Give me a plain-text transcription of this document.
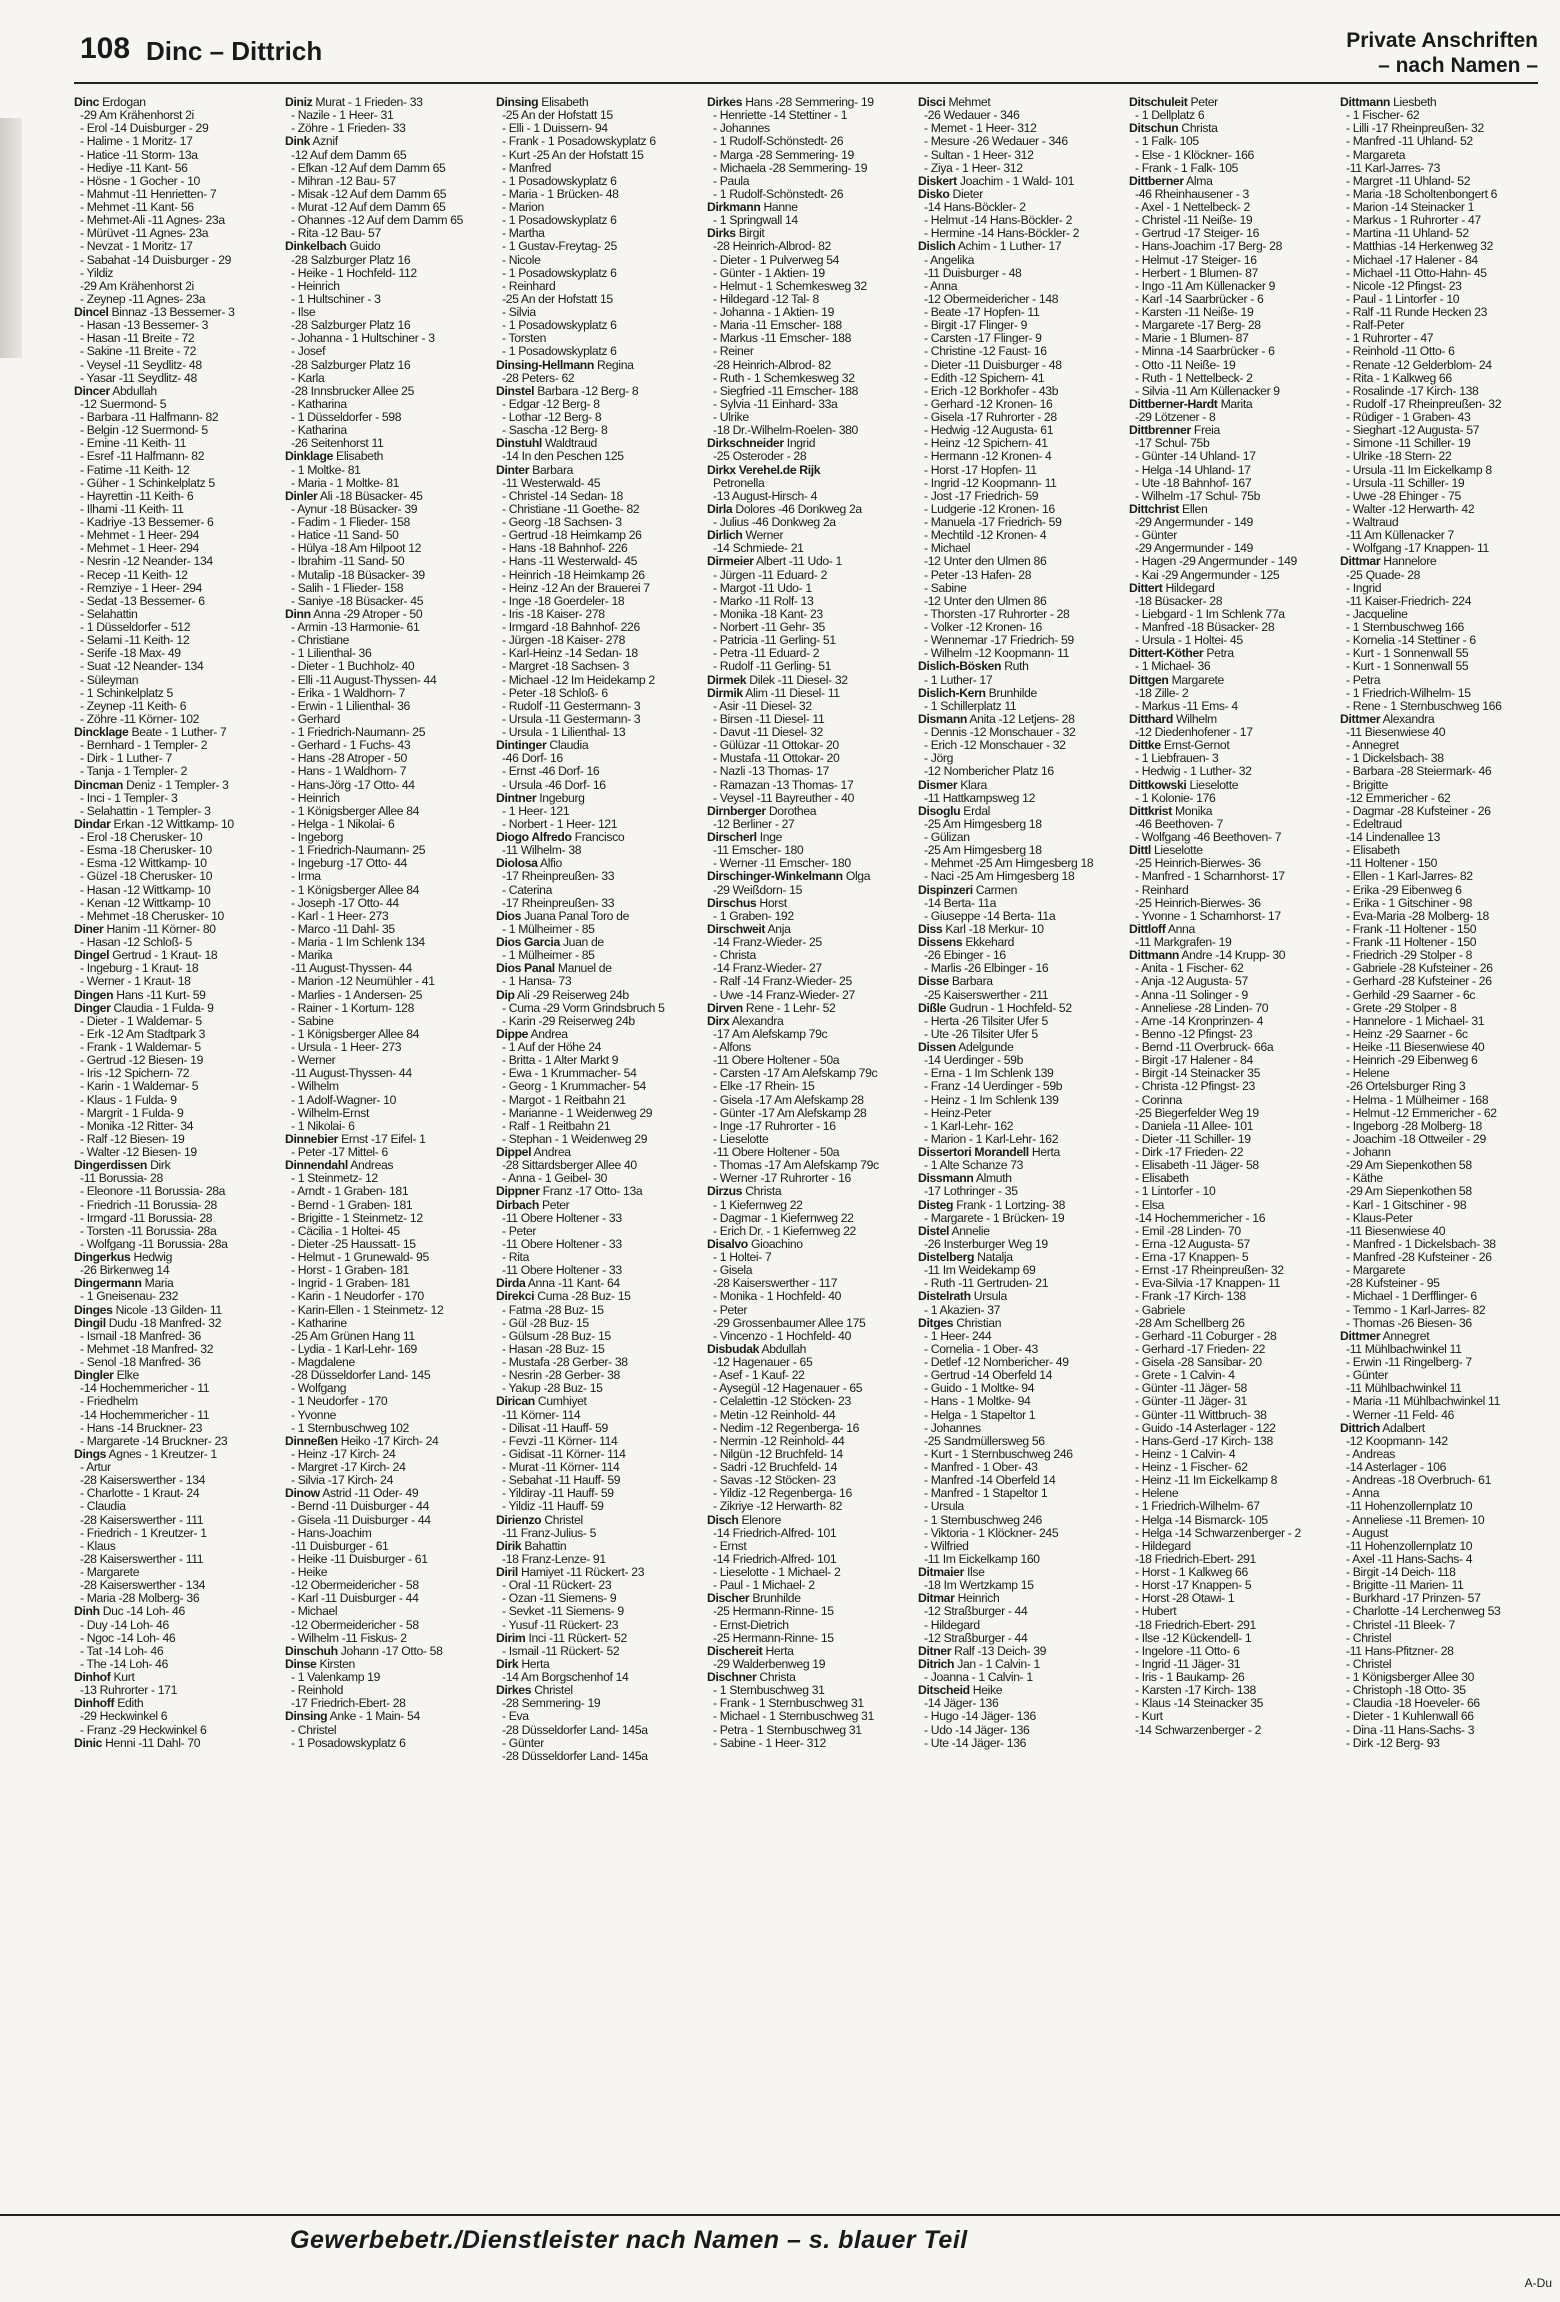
108 Dinc – Dittrich	Private Anschriften
– nach Namen –
Dinc Erdogan
-29 Am Krähenhorst 2i
- Erol -14 Duisburger - 29
- Halime - 1 Moritz- 17
- Hatice -11 Storm- 13a
- Hediye -11 Kant- 56
- Hösne - 1 Gocher - 10
- Mahmut -11 Henrietten- 7
- Mehmet -11 Kant- 56
- Mehmet-Ali -11 Agnes- 23a
- Mürüvet -11 Agnes- 23a
- Nevzat - 1 Moritz- 17
- Sabahat -14 Duisburger - 29
- Yildiz
-29 Am Krähenhorst 2i
- Zeynep -11 Agnes- 23a
Dincel Binnaz -13 Bessemer- 3
- Hasan -13 Bessemer- 3
- Hasan -11 Breite - 72
- Sakine -11 Breite - 72
- Veysel -11 Seydlitz- 48
- Yasar -11 Seydlitz- 48
Dincer Abdullah
-12 Suermond- 5
- Barbara -11 Halfmann- 82
- Belgin -12 Suermond- 5
- Emine -11 Keith- 11
- Esref -11 Halfmann- 82
- Fatime -11 Keith- 12
- Güher - 1 Schinkelplatz 5
- Hayrettin -11 Keith- 6
- Ilhami -11 Keith- 11
- Kadriye -13 Bessemer- 6
- Mehmet - 1 Heer- 294
- Mehmet - 1 Heer- 294
- Nesrin -12 Neander- 134
- Recep -11 Keith- 12
- Remziye - 1 Heer- 294
- Sedat -13 Bessemer- 6
- Selahattin
- 1 Düsseldorfer - 512
- Selami -11 Keith- 12
- Serife -18 Max- 49
- Suat -12 Neander- 134
- Süleyman
- 1 Schinkelplatz 5
- Zeynep -11 Keith- 6
- Zöhre -11 Körner- 102
Dincklage Beate - 1 Luther- 7
- Bernhard - 1 Templer- 2
- Dirk - 1 Luther- 7
- Tanja - 1 Templer- 2
Dincman Deniz - 1 Templer- 3
- Inci - 1 Templer- 3
- Selahattin - 1 Templer- 3
Dindar Erkan -12 Wittkamp- 10
- Erol -18 Cherusker- 10
- Esma -18 Cherusker- 10
- Esma -12 Wittkamp- 10
- Güzel -18 Cherusker- 10
- Hasan -12 Wittkamp- 10
- Kenan -12 Wittkamp- 10
- Mehmet -18 Cherusker- 10
Diner Hanim -11 Körner- 80
- Hasan -12 Schloß- 5
Dingel Gertrud - 1 Kraut- 18
- Ingeburg - 1 Kraut- 18
- Werner - 1 Kraut- 18
Dingen Hans -11 Kurt- 59
Dinger Claudia - 1 Fulda- 9
- Dieter - 1 Waldemar- 5
- Erk -12 Am Stadtpark 3
- Frank - 1 Waldemar- 5
- Gertrud -12 Biesen- 19
- Iris -12 Spichern- 72
- Karin - 1 Waldemar- 5
- Klaus - 1 Fulda- 9
- Margrit - 1 Fulda- 9
- Monika -12 Ritter- 34
- Ralf -12 Biesen- 19
- Walter -12 Biesen- 19
Dingerdissen Dirk
-11 Borussia- 28
- Eleonore -11 Borussia- 28a
- Friedrich -11 Borussia- 28
- Irmgard -11 Borussia- 28
- Torsten -11 Borussia- 28a
- Wolfgang -11 Borussia- 28a
Dingerkus Hedwig
-26 Birkenweg 14
Dingermann Maria
- 1 Gneisenau- 232
Dinges Nicole -13 Gilden- 11
Dingil Dudu -18 Manfred- 32
- Ismail -18 Manfred- 36
- Mehmet -18 Manfred- 32
- Senol -18 Manfred- 36
Dingler Elke
-14 Hochemmericher - 11
- Friedhelm
-14 Hochemmericher - 11
- Hans -14 Bruckner- 23
- Margarete -14 Bruckner- 23
Dings Agnes - 1 Kreutzer- 1
- Artur
-28 Kaiserswerther - 134
- Charlotte - 1 Kraut- 24
- Claudia
-28 Kaiserswerther - 111
- Friedrich - 1 Kreutzer- 1
- Klaus
-28 Kaiserswerther - 111
- Margarete
-28 Kaiserswerther - 134
- Maria -28 Molberg- 36
Dinh Duc -14 Loh- 46
- Duy -14 Loh- 46
- Ngoc -14 Loh- 46
- Tat -14 Loh- 46
- The -14 Loh- 46
Dinhof Kurt
-13 Ruhrorter - 171
Dinhoff Edith
-29 Heckwinkel 6
- Franz -29 Heckwinkel 6
Dinic Henni -11 Dahl- 70
Diniz Murat - 1 Frieden- 33
- Nazile - 1 Heer- 31
- Zöhre - 1 Frieden- 33
Dink Aznif
-12 Auf dem Damm 65
- Efkan -12 Auf dem Damm 65
- Mihran -12 Bau- 57
- Misak -12 Auf dem Damm 65
- Murat -12 Auf dem Damm 65
- Ohannes -12 Auf dem Damm 65
- Rita -12 Bau- 57
Dinkelbach Guido
-28 Salzburger Platz 16
- Heike - 1 Hochfeld- 112
- Heinrich
- 1 Hultschiner - 3
- Ilse
-28 Salzburger Platz 16
- Johanna - 1 Hultschiner - 3
- Josef
-28 Salzburger Platz 16
- Karla
-28 Innsbrucker Allee 25
- Katharina
- 1 Düsseldorfer - 598
- Katharina
-26 Seitenhorst 11
Dinklage Elisabeth
- 1 Moltke- 81
- Maria - 1 Moltke- 81
Dinler Ali -18 Büsacker- 45
- Aynur -18 Büsacker- 39
- Fadim - 1 Flieder- 158
- Hatice -11 Sand- 50
- Hülya -18 Am Hilpoot 12
- Ibrahim -11 Sand- 50
- Mutalip -18 Büsacker- 39
- Salih - 1 Flieder- 158
- Saniye -18 Büsacker- 45
Dinn Anna -29 Atroper - 50
- Armin -13 Harmonie- 61
- Christiane
- 1 Lilienthal- 36
- Dieter - 1 Buchholz- 40
- Elli -11 August-Thyssen- 44
- Erika - 1 Waldhorn- 7
- Erwin - 1 Lilienthal- 36
- Gerhard
- 1 Friedrich-Naumann- 25
- Gerhard - 1 Fuchs- 43
- Hans -28 Atroper - 50
- Hans - 1 Waldhorn- 7
- Hans-Jörg -17 Otto- 44
- Heinrich
- 1 Königsberger Allee 84
- Helga - 1 Nikolai- 6
- Ingeborg
- 1 Friedrich-Naumann- 25
- Ingeburg -17 Otto- 44
- Irma
- 1 Königsberger Allee 84
- Joseph -17 Otto- 44
- Karl - 1 Heer- 273
- Marco -11 Dahl- 35
- Maria - 1 Im Schlenk 134
- Marika
-11 August-Thyssen- 44
- Marion -12 Neumühler - 41
- Marlies - 1 Andersen- 25
- Rainer - 1 Kortum- 128
- Sabine
- 1 Königsberger Allee 84
- Ursula - 1 Heer- 273
- Werner
-11 August-Thyssen- 44
- Wilhelm
- 1 Adolf-Wagner- 10
- Wilhelm-Ernst
- 1 Nikolai- 6
Dinnebier Ernst -17 Eifel- 1
- Peter -17 Mittel- 6
Dinnendahl Andreas
- 1 Steinmetz- 12
- Arndt - 1 Graben- 181
- Bernd - 1 Graben- 181
- Brigitte - 1 Steinmetz- 12
- Cäcilia - 1 Holtei- 45
- Dieter -25 Haussatt- 15
- Helmut - 1 Grunewald- 95
- Horst - 1 Graben- 181
- Ingrid - 1 Graben- 181
- Karin - 1 Neudorfer - 170
- Karin-Ellen - 1 Steinmetz- 12
- Katharine
-25 Am Grünen Hang 11
- Lydia - 1 Karl-Lehr- 169
- Magdalene
-28 Düsseldorfer Land- 145
- Wolfgang
- 1 Neudorfer - 170
- Yvonne
- 1 Sternbuschweg 102
Dinneßen Heiko -17 Kirch- 24
- Heinz -17 Kirch- 24
- Margret -17 Kirch- 24
- Silvia -17 Kirch- 24
Dinow Astrid -11 Oder- 49
- Bernd -11 Duisburger - 44
- Gisela -11 Duisburger - 44
- Hans-Joachim
-11 Duisburger - 61
- Heike -11 Duisburger - 61
- Heike
-12 Obermeidericher - 58
- Karl -11 Duisburger - 44
- Michael
-12 Obermeidericher - 58
- Wilhelm -11 Fiskus- 2
Dinschuh Johann -17 Otto- 58
Dinse Kirsten
- 1 Valenkamp 19
- Reinhold
-17 Friedrich-Ebert- 28
Dinsing Anke - 1 Main- 54
- Christel
- 1 Posadowskyplatz 6
Dinsing Elisabeth
-25 An der Hofstatt 15
- Elli - 1 Duissern- 94
- Frank - 1 Posadowskyplatz 6
- Kurt -25 An der Hofstatt 15
- Manfred
- 1 Posadowskyplatz 6
- Maria - 1 Brücken- 48
- Marion
- 1 Posadowskyplatz 6
- Martha
- 1 Gustav-Freytag- 25
- Nicole
- 1 Posadowskyplatz 6
- Reinhard
-25 An der Hofstatt 15
- Silvia
- 1 Posadowskyplatz 6
- Torsten
- 1 Posadowskyplatz 6
Dinsing-Hellmann Regina
-28 Peters- 62
Dinstel Barbara -12 Berg- 8
- Edgar -12 Berg- 8
- Lothar -12 Berg- 8
- Sascha -12 Berg- 8
Dinstuhl Waldtraud
-14 In den Peschen 125
Dinter Barbara
-11 Westerwald- 45
- Christel -14 Sedan- 18
- Christiane -11 Goethe- 82
- Georg -18 Sachsen- 3
- Gertrud -18 Heimkamp 26
- Hans -18 Bahnhof- 226
- Hans -11 Westerwald- 45
- Heinrich -18 Heimkamp 26
- Heinz -12 An der Brauerei 7
- Inge -18 Goerdeler- 18
- Iris -18 Kaiser- 278
- Irmgard -18 Bahnhof- 226
- Jürgen -18 Kaiser- 278
- Karl-Heinz -14 Sedan- 18
- Margret -18 Sachsen- 3
- Michael -12 Im Heidekamp 2
- Peter -18 Schloß- 6
- Rudolf -11 Gestermann- 3
- Ursula -11 Gestermann- 3
- Ursula - 1 Lilienthal- 13
Dintinger Claudia
-46 Dorf- 16
- Ernst -46 Dorf- 16
- Ursula -46 Dorf- 16
Dintner Ingeburg
- 1 Heer- 121
- Norbert - 1 Heer- 121
Diogo Alfredo Francisco
-11 Wilhelm- 38
Diolosa Alfio
-17 Rheinpreußen- 33
- Caterina
-17 Rheinpreußen- 33
Dios Juana Panal Toro de
- 1 Mülheimer - 85
Dios Garcia Juan de
- 1 Mülheimer - 85
Dios Panal Manuel de
- 1 Hansa- 73
Dip Ali -29 Reiserweg 24b
- Cuma -29 Vorm Grindsbruch 5
- Karin -29 Reiserweg 24b
Dippe Andrea
- 1 Auf der Höhe 24
- Britta - 1 Alter Markt 9
- Ewa - 1 Krummacher- 54
- Georg - 1 Krummacher- 54
- Margot - 1 Reitbahn 21
- Marianne - 1 Weidenweg 29
- Ralf - 1 Reitbahn 21
- Stephan - 1 Weidenweg 29
Dippel Andrea
-28 Sittardsberger Allee 40
- Anna - 1 Geibel- 30
Dippner Franz -17 Otto- 13a
Dirbach Peter
-11 Obere Holtener - 33
- Peter
-11 Obere Holtener - 33
- Rita
-11 Obere Holtener - 33
Dirda Anna -11 Kant- 64
Direkci Cuma -28 Buz- 15
- Fatma -28 Buz- 15
- Gül -28 Buz- 15
- Gülsum -28 Buz- 15
- Hasan -28 Buz- 15
- Mustafa -28 Gerber- 38
- Nesrin -28 Gerber- 38
- Yakup -28 Buz- 15
Dirican Cumhiyet
-11 Körner- 114
- Dilisat -11 Hauff- 59
- Fevzi -11 Körner- 114
- Gidisat -11 Körner- 114
- Murat -11 Körner- 114
- Sebahat -11 Hauff- 59
- Yildiray -11 Hauff- 59
- Yildiz -11 Hauff- 59
Dirienzo Christel
-11 Franz-Julius- 5
Dirik Bahattin
-18 Franz-Lenze- 91
Diril Hamiyet -11 Rückert- 23
- Oral -11 Rückert- 23
- Ozan -11 Siemens- 9
- Sevket -11 Siemens- 9
- Yusuf -11 Rückert- 23
Dirim Inci -11 Rückert- 52
- Ismail -11 Rückert- 52
Dirk Herta
-14 Am Borgschenhof 14
Dirkes Christel
-28 Semmering- 19
- Eva
-28 Düsseldorfer Land- 145a
- Günter
-28 Düsseldorfer Land- 145a
Dirkes Hans -28 Semmering- 19
- Henriette -14 Stettiner - 1
- Johannes
- 1 Rudolf-Schönstedt- 26
- Marga -28 Semmering- 19
- Michaela -28 Semmering- 19
- Paula
- 1 Rudolf-Schönstedt- 26
Dirkmann Hanne
- 1 Springwall 14
Dirks Birgit
-28 Heinrich-Albrod- 82
- Dieter - 1 Pulverweg 54
- Günter - 1 Aktien- 19
- Helmut - 1 Schemkesweg 32
- Hildegard -12 Tal- 8
- Johanna - 1 Aktien- 19
- Maria -11 Emscher- 188
- Markus -11 Emscher- 188
- Reiner
-28 Heinrich-Albrod- 82
- Ruth - 1 Schemkesweg 32
- Siegfried -11 Emscher- 188
- Sylvia -11 Einhard- 33a
- Ulrike
-18 Dr.-Wilhelm-Roelen- 380
Dirkschneider Ingrid
-25 Osteroder - 28
Dirkx Verehel.de Rijk
Petronella
-13 August-Hirsch- 4
Dirla Dolores -46 Donkweg 2a
- Julius -46 Donkweg 2a
Dirlich Werner
-14 Schmiede- 21
Dirmeier Albert -11 Udo- 1
- Jürgen -11 Eduard- 2
- Margot -11 Udo- 1
- Marko -11 Rolf- 13
- Monika -18 Kant- 23
- Norbert -11 Gehr- 35
- Patricia -11 Gerling- 51
- Petra -11 Eduard- 2
- Rudolf -11 Gerling- 51
Dirmek Dilek -11 Diesel- 32
Dirmik Alim -11 Diesel- 11
- Asir -11 Diesel- 32
- Birsen -11 Diesel- 11
- Davut -11 Diesel- 32
- Gülüzar -11 Ottokar- 20
- Mustafa -11 Ottokar- 20
- Nazli -13 Thomas- 17
- Ramazan -13 Thomas- 17
- Veysel -11 Bayreuther - 40
Dirnberger Dorothea
-12 Berliner - 27
Dirscherl Inge
-11 Emscher- 180
- Werner -11 Emscher- 180
Dirschinger-Winkelmann Olga
-29 Weißdorn- 15
Dirschus Horst
- 1 Graben- 192
Dirschweit Anja
-14 Franz-Wieder- 25
- Christa
-14 Franz-Wieder- 27
- Ralf -14 Franz-Wieder- 25
- Uwe -14 Franz-Wieder- 27
Dirven Rene - 1 Lehr- 52
Dirx Alexandra
-17 Am Alefskamp 79c
- Alfons
-11 Obere Holtener - 50a
- Carsten -17 Am Alefskamp 79c
- Elke -17 Rhein- 15
- Gisela -17 Am Alefskamp 28
- Günter -17 Am Alefskamp 28
- Inge -17 Ruhrorter - 16
- Lieselotte
-11 Obere Holtener - 50a
- Thomas -17 Am Alefskamp 79c
- Werner -17 Ruhrorter - 16
Dirzus Christa
- 1 Kiefernweg 22
- Dagmar - 1 Kiefernweg 22
- Erich Dr. - 1 Kiefernweg 22
Disalvo Gioachino
- 1 Holtei- 7
- Gisela
-28 Kaiserswerther - 117
- Monika - 1 Hochfeld- 40
- Peter
-29 Grossenbaumer Allee 175
- Vincenzo - 1 Hochfeld- 40
Disbudak Abdullah
-12 Hagenauer - 65
- Asef - 1 Kauf- 22
- Aysegül -12 Hagenauer - 65
- Celalettin -12 Stöcken- 23
- Metin -12 Reinhold- 44
- Nedim -12 Regenberga- 16
- Nermin -12 Reinhold- 44
- Nilgün -12 Bruchfeld- 14
- Sadri -12 Bruchfeld- 14
- Savas -12 Stöcken- 23
- Yildiz -12 Regenberga- 16
- Zikriye -12 Herwarth- 82
Disch Elenore
-14 Friedrich-Alfred- 101
- Ernst
-14 Friedrich-Alfred- 101
- Lieselotte - 1 Michael- 2
- Paul - 1 Michael- 2
Discher Brunhilde
-25 Hermann-Rinne- 15
- Ernst-Dietrich
-25 Hermann-Rinne- 15
Dischereit Herta
-29 Walderbenweg 19
Dischner Christa
- 1 Sternbuschweg 31
- Frank - 1 Sternbuschweg 31
- Michael - 1 Sternbuschweg 31
- Petra - 1 Sternbuschweg 31
- Sabine - 1 Heer- 312
Disci Mehmet
-26 Wedauer - 346
- Memet - 1 Heer- 312
- Mesure -26 Wedauer - 346
- Sultan - 1 Heer- 312
- Ziya - 1 Heer- 312
Diskert Joachim - 1 Wald- 101
Disko Dieter
-14 Hans-Böckler- 2
- Helmut -14 Hans-Böckler- 2
- Hermine -14 Hans-Böckler- 2
Dislich Achim - 1 Luther- 17
- Angelika
-11 Duisburger - 48
- Anna
-12 Obermeidericher - 148
- Beate -17 Hopfen- 11
- Birgit -17 Flinger- 9
- Carsten -17 Flinger- 9
- Christine -12 Faust- 16
- Dieter -11 Duisburger - 48
- Edith -12 Spichern- 41
- Erich -12 Borkhofer - 43b
- Gerhard -12 Kronen- 16
- Gisela -17 Ruhrorter - 28
- Hedwig -12 Augusta- 61
- Heinz -12 Spichern- 41
- Hermann -12 Kronen- 4
- Horst -17 Hopfen- 11
- Ingrid -12 Koopmann- 11
- Jost -17 Friedrich- 59
- Ludgerie -12 Kronen- 16
- Manuela -17 Friedrich- 59
- Mechtild -12 Kronen- 4
- Michael
-12 Unter den Ulmen 86
- Peter -13 Hafen- 28
- Sabine
-12 Unter den Ulmen 86
- Thorsten -17 Ruhrorter - 28
- Volker -12 Kronen- 16
- Wennemar -17 Friedrich- 59
- Wilhelm -12 Koopmann- 11
Dislich-Bösken Ruth
- 1 Luther- 17
Dislich-Kern Brunhilde
- 1 Schillerplatz 11
Dismann Anita -12 Letjens- 28
- Dennis -12 Monschauer - 32
- Erich -12 Monschauer - 32
- Jörg
-12 Nombericher Platz 16
Dismer Klara
-11 Hattkampsweg 12
Disoglu Erdal
-25 Am Himgesberg 18
- Gülizan
-25 Am Himgesberg 18
- Mehmet -25 Am Himgesberg 18
- Naci -25 Am Himgesberg 18
Dispinzeri Carmen
-14 Berta- 11a
- Giuseppe -14 Berta- 11a
Diss Karl -18 Merkur- 10
Dissens Ekkehard
-26 Ebinger - 16
- Marlis -26 Elbinger - 16
Disse Barbara
-25 Kaiserswerther - 211
Dißle Gudrun - 1 Hochfeld- 52
- Herta -26 Tilsiter Ufer 5
- Ute -26 Tilsiter Ufer 5
Dissen Adelgunde
-14 Uerdinger - 59b
- Erna - 1 Im Schlenk 139
- Franz -14 Uerdinger - 59b
- Heinz - 1 Im Schlenk 139
- Heinz-Peter
- 1 Karl-Lehr- 162
- Marion - 1 Karl-Lehr- 162
Dissertori Morandell Herta
- 1 Alte Schanze 73
Dissmann Almuth
-17 Lothringer - 35
Disteg Frank - 1 Lortzing- 38
- Margarete - 1 Brücken- 19
Distel Annelie
-26 Insterburger Weg 19
Distelberg Natalja
-11 Im Weidekamp 69
- Ruth -11 Gertruden- 21
Distelrath Ursula
- 1 Akazien- 37
Ditges Christian
- 1 Heer- 244
- Cornelia - 1 Ober- 43
- Detlef -12 Nombericher- 49
- Gertrud -14 Oberfeld 14
- Guido - 1 Moltke- 94
- Hans - 1 Moltke- 94
- Helga - 1 Stapeltor 1
- Johannes
-25 Sandmüllersweg 56
- Kurt - 1 Sternbuschweg 246
- Manfred - 1 Ober- 43
- Manfred -14 Oberfeld 14
- Manfred - 1 Stapeltor 1
- Ursula
- 1 Sternbuschweg 246
- Viktoria - 1 Klöckner- 245
- Wilfried
-11 Im Eickelkamp 160
Ditmaier Ilse
-18 Im Wertzkamp 15
Ditmar Heinrich
-12 Straßburger - 44
- Hildegard
-12 Straßburger - 44
Ditner Ralf -13 Deich- 39
Ditrich Jan - 1 Calvin- 1
- Joanna - 1 Calvin- 1
Ditscheid Heike
-14 Jäger- 136
- Hugo -14 Jäger- 136
- Udo -14 Jäger- 136
- Ute -14 Jäger- 136
Ditschuleit Peter
- 1 Dellplatz 6
Ditschun Christa
- 1 Falk- 105
- Else - 1 Klöckner- 166
- Frank - 1 Falk- 105
Dittberner Alma
-46 Rheinhausener - 3
- Axel - 1 Nettelbeck- 2
- Christel -11 Neiße- 19
- Gertrud -17 Steiger- 16
- Hans-Joachim -17 Berg- 28
- Helmut -17 Steiger- 16
- Herbert - 1 Blumen- 87
- Ingo -11 Am Küllenacker 9
- Karl -14 Saarbrücker - 6
- Karsten -11 Neiße- 19
- Margarete -17 Berg- 28
- Marie - 1 Blumen- 87
- Minna -14 Saarbrücker - 6
- Otto -11 Neiße- 19
- Ruth - 1 Nettelbeck- 2
- Silvia -11 Am Küllenacker 9
Dittberner-Hardt Marita
-29 Lötzener - 8
Dittbrenner Freia
-17 Schul- 75b
- Günter -14 Uhland- 17
- Helga -14 Uhland- 17
- Ute -18 Bahnhof- 167
- Wilhelm -17 Schul- 75b
Dittchrist Ellen
-29 Angermunder - 149
- Günter
-29 Angermunder - 149
- Hagen -29 Angermunder - 149
- Kai -29 Angermunder - 125
Dittert Hildegard
-18 Büsacker- 28
- Liebgard - 1 Im Schlenk 77a
- Manfred -18 Büsacker- 28
- Ursula - 1 Holtei- 45
Dittert-Köther Petra
- 1 Michael- 36
Dittgen Margarete
-18 Zille- 2
- Markus -11 Ems- 4
Ditthard Wilhelm
-12 Diedenhofener - 17
Dittke Ernst-Gernot
- 1 Liebfrauen- 3
- Hedwig - 1 Luther- 32
Dittkowski Lieselotte
- 1 Kolonie- 176
Dittkrist Monika
-46 Beethoven- 7
- Wolfgang -46 Beethoven- 7
Dittl Lieselotte
-25 Heinrich-Bierwes- 36
- Manfred - 1 Scharnhorst- 17
- Reinhard
-25 Heinrich-Bierwes- 36
- Yvonne - 1 Scharnhorst- 17
Dittloff Anna
-11 Markgrafen- 19
Dittmann Andre -14 Krupp- 30
- Anita - 1 Fischer- 62
- Anja -12 Augusta- 57
- Anna -11 Solinger - 9
- Anneliese -28 Linden- 70
- Arne -14 Kronprinzen- 4
- Benno -12 Pfingst- 23
- Bernd -11 Overbruck- 66a
- Birgit -17 Halener - 84
- Birgit -14 Steinacker 35
- Christa -12 Pfingst- 23
- Corinna
-25 Biegerfelder Weg 19
- Daniela -11 Allee- 101
- Dieter -11 Schiller- 19
- Dirk -17 Frieden- 22
- Elisabeth -11 Jäger- 58
- Elisabeth
- 1 Lintorfer - 10
- Elsa
-14 Hochemmericher - 16
- Emil -28 Linden- 70
- Erna -12 Augusta- 57
- Erna -17 Knappen- 5
- Ernst -17 Rheinpreußen- 32
- Eva-Silvia -17 Knappen- 11
- Frank -17 Kirch- 138
- Gabriele
-28 Am Schellberg 26
- Gerhard -11 Coburger - 28
- Gerhard -17 Frieden- 22
- Gisela -28 Sansibar- 20
- Grete - 1 Calvin- 4
- Günter -11 Jäger- 58
- Günter -11 Jäger- 31
- Günter -11 Wittbruch- 38
- Guido -14 Asterlager - 122
- Hans-Gerd -17 Kirch- 138
- Heinz - 1 Calvin- 4
- Heinz - 1 Fischer- 62
- Heinz -11 Im Eickelkamp 8
- Helene
- 1 Friedrich-Wilhelm- 67
- Helga -14 Bismarck- 105
- Helga -14 Schwarzenberger - 2
- Hildegard
-18 Friedrich-Ebert- 291
- Horst - 1 Kalkweg 66
- Horst -17 Knappen- 5
- Horst -28 Otawi- 1
- Hubert
-18 Friedrich-Ebert- 291
- Ilse -12 Kückendell- 1
- Ingelore -11 Otto- 6
- Ingrid -11 Jäger- 31
- Iris - 1 Baukamp- 26
- Karsten -17 Kirch- 138
- Klaus -14 Steinacker 35
- Kurt
-14 Schwarzenberger - 2
Dittmann Liesbeth
- 1 Fischer- 62
- Lilli -17 Rheinpreußen- 32
- Manfred -11 Uhland- 52
- Margareta
-11 Karl-Jarres- 73
- Margret -11 Uhland- 52
- Maria -18 Scholtenbongert 6
- Marion -14 Steinacker 1
- Markus - 1 Ruhrorter - 47
- Martina -11 Uhland- 52
- Matthias -14 Herkenweg 32
- Michael -17 Halener - 84
- Michael -11 Otto-Hahn- 45
- Nicole -12 Pfingst- 23
- Paul - 1 Lintorfer - 10
- Ralf -11 Runde Hecken 23
- Ralf-Peter
- 1 Ruhrorter - 47
- Reinhold -11 Otto- 6
- Renate -12 Gelderblom- 24
- Rita - 1 Kalkweg 66
- Rosalinde -17 Kirch- 138
- Rudolf -17 Rheinpreußen- 32
- Rüdiger - 1 Graben- 43
- Sieghart -12 Augusta- 57
- Simone -11 Schiller- 19
- Ulrike -18 Stern- 22
- Ursula -11 Im Eickelkamp 8
- Ursula -11 Schiller- 19
- Uwe -28 Ehinger - 75
- Walter -12 Herwarth- 42
- Waltraud
-11 Am Küllenacker 7
- Wolfgang -17 Knappen- 11
Dittmar Hannelore
-25 Quade- 28
- Ingrid
-11 Kaiser-Friedrich- 224
- Jacqueline
- 1 Sternbuschweg 166
- Kornelia -14 Stettiner - 6
- Kurt - 1 Sonnenwall 55
- Kurt - 1 Sonnenwall 55
- Petra
- 1 Friedrich-Wilhelm- 15
- Rene - 1 Sternbuschweg 166
Dittmer Alexandra
-11 Biesenwiese 40
- Annegret
- 1 Dickelsbach- 38
- Barbara -28 Steiermark- 46
- Brigitte
-12 Emmericher - 62
- Dagmar -28 Kufsteiner - 26
- Edeltraud
-14 Lindenallee 13
- Elisabeth
-11 Holtener - 150
- Ellen - 1 Karl-Jarres- 82
- Erika -29 Eibenweg 6
- Erika - 1 Gitschiner - 98
- Eva-Maria -28 Molberg- 18
- Frank -11 Holtener - 150
- Frank -11 Holtener - 150
- Friedrich -29 Stolper - 8
- Gabriele -28 Kufsteiner - 26
- Gerhard -28 Kufsteiner - 26
- Gerhild -29 Saarner - 6c
- Grete -29 Stolper - 8
- Hannelore - 1 Michael- 31
- Heinz -29 Saarner - 6c
- Heike -11 Biesenwiese 40
- Heinrich -29 Eibenweg 6
- Helene
-26 Ortelsburger Ring 3
- Helma - 1 Mülheimer - 168
- Helmut -12 Emmericher - 62
- Ingeborg -28 Molberg- 18
- Joachim -18 Ottweiler - 29
- Johann
-29 Am Siepenkothen 58
- Käthe
-29 Am Siepenkothen 58
- Karl - 1 Gitschiner - 98
- Klaus-Peter
-11 Biesenwiese 40
- Manfred - 1 Dickelsbach- 38
- Manfred -28 Kufsteiner - 26
- Margarete
-28 Kufsteiner - 95
- Michael - 1 Derfflinger- 6
- Temmo - 1 Karl-Jarres- 82
- Thomas -26 Biesen- 36
Dittmer Annegret
-11 Mühlbachwinkel 11
- Erwin -11 Ringelberg- 7
- Günter
-11 Mühlbachwinkel 11
- Maria -11 Mühlbachwinkel 11
- Werner -11 Feld- 46
Dittrich Adalbert
-12 Koopmann- 142
- Andreas
-14 Asterlager - 106
- Andreas -18 Overbruch- 61
- Anna
-11 Hohenzollernplatz 10
- Anneliese -11 Bremen- 10
- August
-11 Hohenzollernplatz 10
- Axel -11 Hans-Sachs- 4
- Birgit -14 Deich- 118
- Brigitte -11 Marien- 11
- Burkhard -17 Prinzen- 57
- Charlotte -14 Lerchenweg 53
- Christel -11 Bleek- 7
- Christel
-11 Hans-Pfitzner- 28
- Christel
- 1 Königsberger Allee 30
- Christoph -18 Otto- 35
- Claudia -18 Hoeveler- 66
- Dieter - 1 Kuhlenwall 66
- Dina -11 Hans-Sachs- 3
- Dirk -12 Berg- 93
Gewerbebetr./Dienstleister nach Namen – s. blauer Teil
A-Du
